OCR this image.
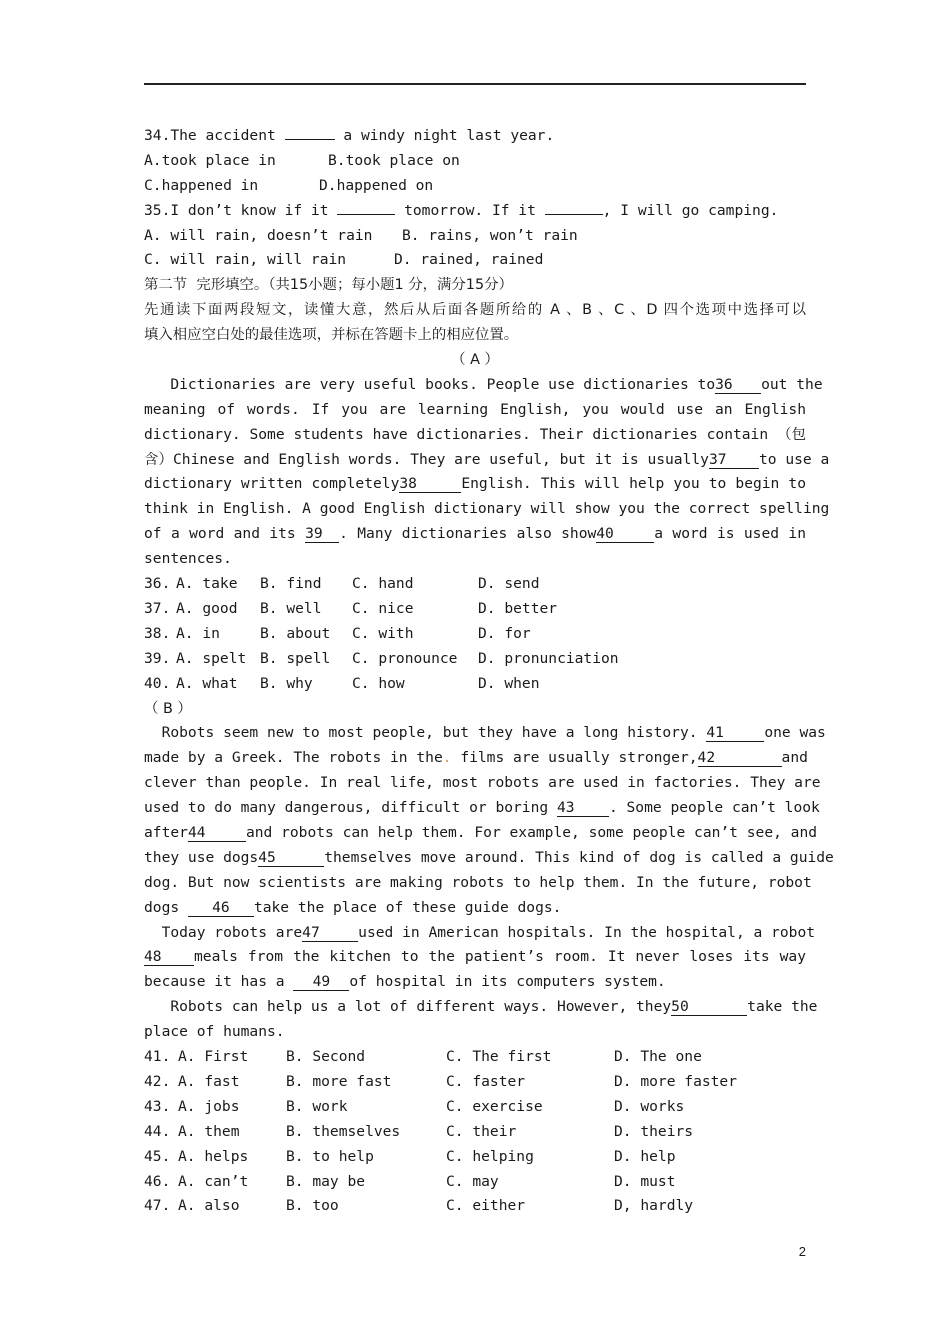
34.The accident	a windy night last year.
A.took place in	B.took place on
C.happened in	D.happened on
35.I don’t know if it	tomorrow. If it	, I will go camping.
A. will rain, doesn’t rain B. rains, won’t rain
C. will rain, will rain	D. rained, rained
第二节  完形填空。（共15小题；每小题1 分，满分15分）
先通读下面两段短文，读懂大意，然后从后面各题所给的 A 、B 、C 、D 四个选项中选择可以
填入相应空白处的最佳选项，并标在答题卡上的相应位置。
（ A ）
Dictionaries are very useful books. People use dictionaries to36 out the
meaning of words. If you are learning English, you would use an English
dictionary. Some students have dictionaries. Their dictionaries contain （包
含）Chinese and English words. They are useful, but it is usually37 to use a
dictionary written completely38	English. This will help you to begin to
think in English. A good English dictionary will show you the correct spelling
of a word and its 39 . Many dictionaries also show40	a word is used in
sentences.
36.	A. take	B. find	C. hand	D. send
37.	A. good	B. well	C. nice	D. better
38.	A. in	B. about	C. with	D. for
39.	A. spelt	B. spell	C. pronounce	D. pronunciation
40.	A. what	B. why	C. how	D. when
（ B ）
Robots seem new to most people, but they have a long history. 41	one was
made by a Greek. The robots in the. films are usually stronger,42	and
clever than people. In real life, most robots are used in factories. They are
used to do many dangerous, difficult or boring 43 . Some people can’t look
after44	and robots can help them. For example, some people can’t see, and
they use dogs45	themselves move around. This kind of dog is called a guide
dog. But now scientists are making robots to help them. In the future, robot
dogs 46 take the place of these guide dogs.
Today robots are47	used in American hospitals. In the hospital, a robot
48 meals from the kitchen to the patient’s room. It never loses its way
because it has a 49 of hospital in its computers system.
Robots can help us a lot of different ways. However, they50	take the
place of humans.
41.	A. First	B. Second	C. The first	D. The one
42.	A. fast	B. more fast	C. faster	D. more faster
43.	A. jobs	B. work	C. exercise	D. works
44.	A. them	B. themselves	C. their	D. theirs
45.	A. helps	B. to help	C. helping	D. help
46.	A. can’t	B. may be	C. may	D. must
47.	A. also	B. too	C. either	D, hardly
2
